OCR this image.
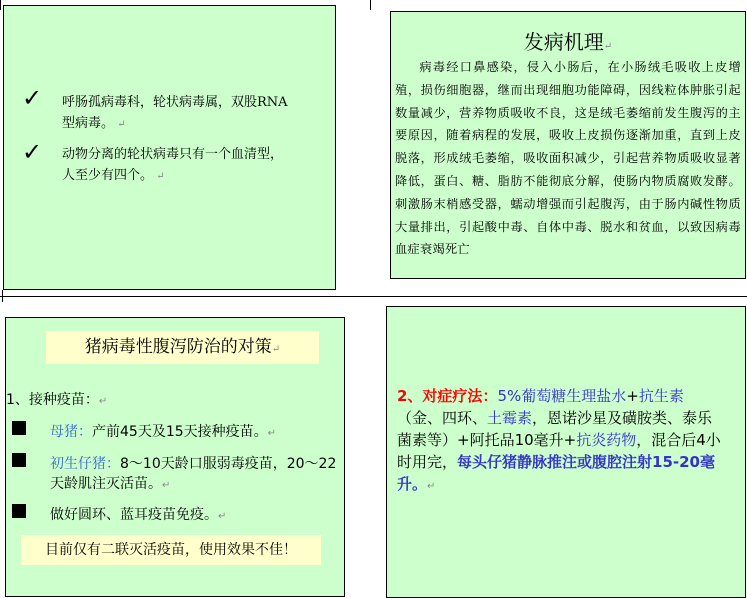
✓ 呼肠孤病毒科，轮状病毒属，双股RNA型病毒。 ↵
✓ 动物分离的轮状病毒只有一个血清型，人至少有四个。 ↵
发病机理↵
病毒经口鼻感染，侵入小肠后，在小肠绒毛吸收上皮增殖，损伤细胞器，继而出现细胞功能障碍，因线粒体肿胀引起数量减少，营养物质吸收不良，这是绒毛萎缩前发生腹泻的主要原因，随着病程的发展，吸收上皮损伤逐渐加重，直到上皮脱落，形成绒毛萎缩，吸收面积减少，引起营养物质吸收显著降低，蛋白、糖、脂肪不能彻底分解，使肠内物质腐败发酵。刺激肠末梢感受器，蠕动增强而引起腹泻，由于肠内碱性物质大量排出，引起酸中毒、自体中毒、脱水和贫血，以致因病毒血症衰竭死亡
猪病毒性腹泻防治的对策↵
1、接种疫苗：↵
母猪：产前45天及15天接种疫苗。↵
初生仔猪：8～10天龄口服弱毒疫苗，20～22天龄肌注灭活苗。↵
做好圆环、蓝耳疫苗免疫。↵
目前仅有二联灭活疫苗，使用效果不佳！
2、对症疗法：5%葡萄糖生理盐水+抗生素（金、四环、土霉素，恩诺沙星及磺胺类、泰乐菌素等）+阿托品10毫升+抗炎药物，混合后4小时用完，每头仔猪静脉推注或腹腔注射15-20毫升。↵
